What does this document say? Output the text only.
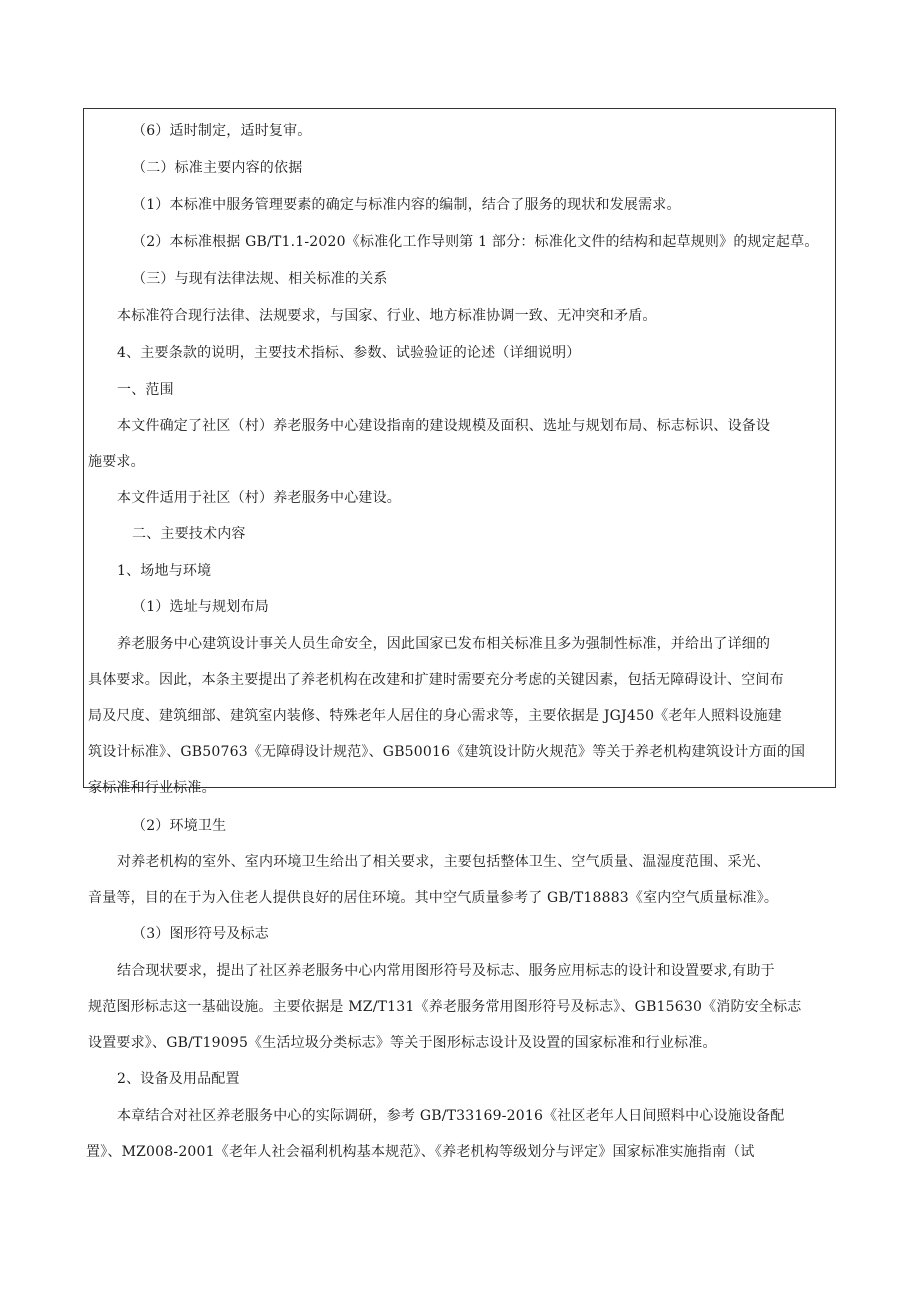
（6）适时制定，适时复审。
（二）标准主要内容的依据
（1）本标准中服务管理要素的确定与标准内容的编制，结合了服务的现状和发展需求。
（2）本标准根据 GB/T1.1-2020《标准化工作导则第 1 部分：标准化文件的结构和起草规则》的规定起草。
（三）与现有法律法规、相关标准的关系
本标准符合现行法律、法规要求，与国家、行业、地方标准协调一致、无冲突和矛盾。
4、主要条款的说明，主要技术指标、参数、试验验证的论述（详细说明）
一、范围
本文件确定了社区（村）养老服务中心建设指南的建设规模及面积、选址与规划布局、标志标识、设备设
施要求。
本文件适用于社区（村）养老服务中心建设。
二、主要技术内容
1、场地与环境
（1）选址与规划布局
养老服务中心建筑设计事关人员生命安全，因此国家已发布相关标准且多为强制性标准，并给出了详细的
具体要求。因此，本条主要提出了养老机构在改建和扩建时需要充分考虑的关键因素，包括无障碍设计、空间布
局及尺度、建筑细部、建筑室内装修、特殊老年人居住的身心需求等，主要依据是 JGJ450《老年人照料设施建
筑设计标准》、GB50763《无障碍设计规范》、GB50016《建筑设计防火规范》等关于养老机构建筑设计方面的国
家标准和行业标准。
（2）环境卫生
对养老机构的室外、室内环境卫生给出了相关要求，主要包括整体卫生、空气质量、温湿度范围、采光、
音量等，目的在于为入住老人提供良好的居住环境。其中空气质量参考了 GB/T18883《室内空气质量标准》。
（3）图形符号及标志
结合现状要求，提出了社区养老服务中心内常用图形符号及标志、服务应用标志的设计和设置要求,有助于
规范图形标志这一基础设施。主要依据是 MZ/T131《养老服务常用图形符号及标志》、GB15630《消防安全标志
设置要求》、GB/T19095《生活垃圾分类标志》等关于图形标志设计及设置的国家标准和行业标准。
2、设备及用品配置
本章结合对社区养老服务中心的实际调研，参考 GB/T33169-2016《社区老年人日间照料中心设施设备配
置》、MZ008-2001《老年人社会福利机构基本规范》、《养老机构等级划分与评定》国家标准实施指南（试
